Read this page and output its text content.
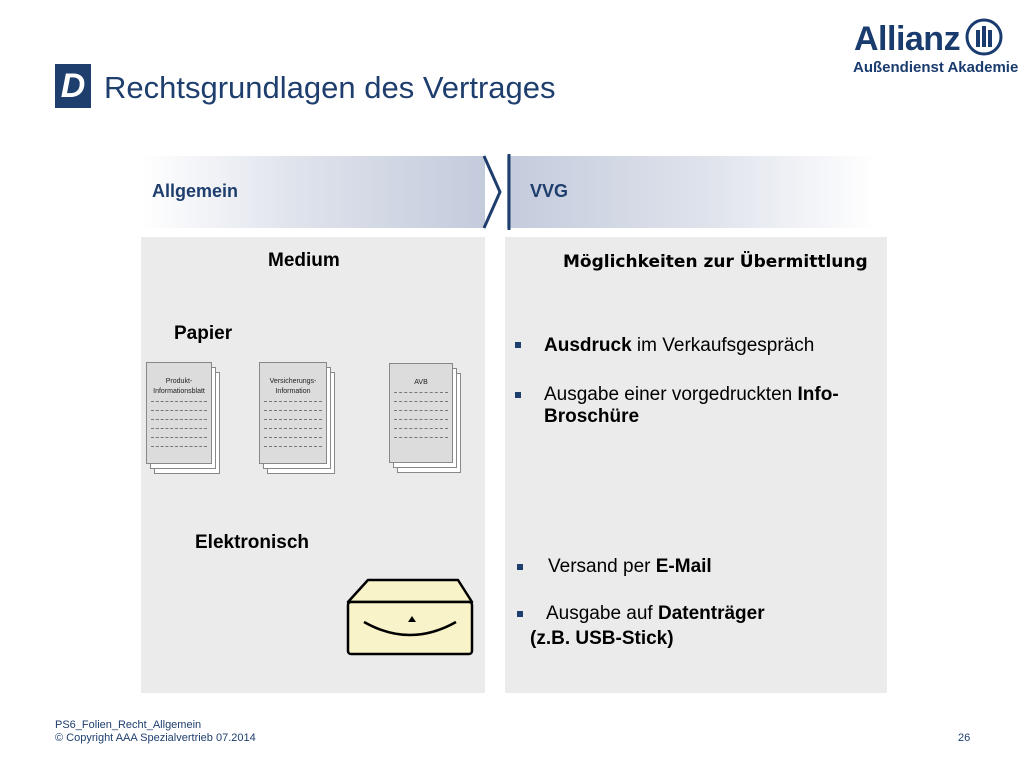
D Rechtsgrundlagen des Vertrages
Allianz
Außendienst Akademie
Allgemein	VVG
Medium	Möglichkeiten zur Übermittlung
Papier
Elektronisch
Produkt-
Informationsblatt
Versicherungs-
Information
AVB
Ausdruck im Verkaufsgespräch
Ausgabe einer vorgedruckten Info-
Broschüre
Versand per E-Mail
Ausgabe auf Datenträger
(z.B. USB-Stick)
PS6_Folien_Recht_Allgemein
© Copyright AAA Spezialvertrieb 07.2014	26
